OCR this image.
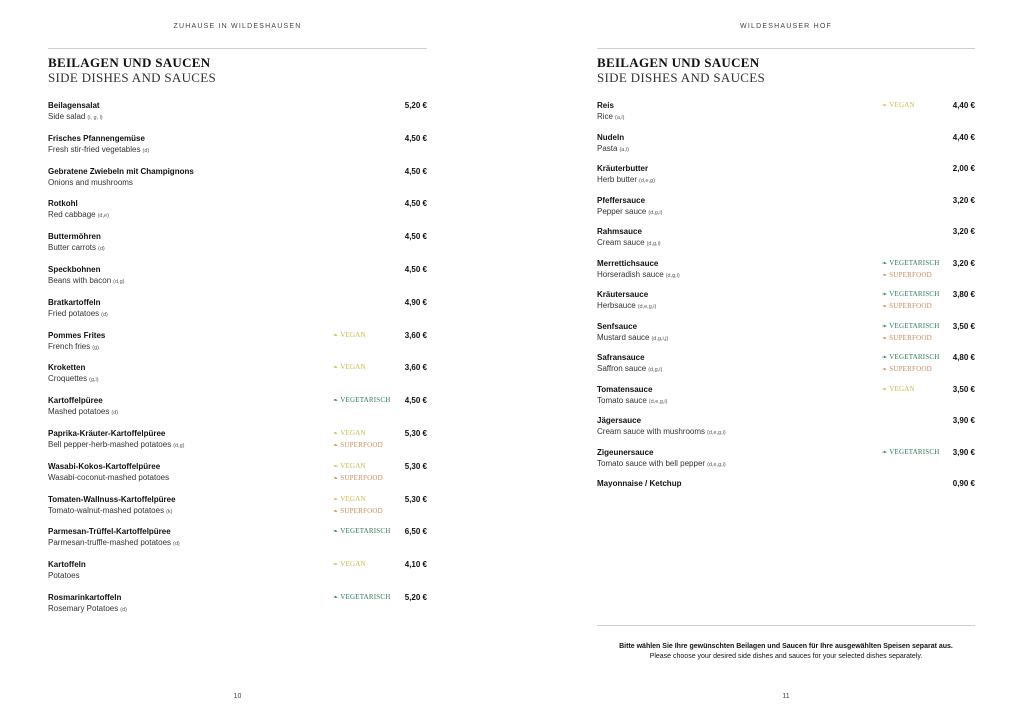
ZUHAUSE IN WILDESHAUSEN
BEILAGEN UND SAUCEN
SIDE DISHES AND SAUCES
Beilagensalat
Side salad (i, g, l)
5,20 €
Frisches Pfannengemüse
Fresh stir-fried vegetables (d)
4,50 €
Gebratene Zwiebeln mit Champignons
Onions and mushrooms
4,50 €
Rotkohl
Red cabbage (d,e)
4,50 €
Buttermöhren
Butter carrots (d)
4,50 €
Speckbohnen
Beans with bacon (d,g)
4,50 €
Bratkartoffeln
Fried potatoes (d)
4,90 €
Pommes Frites
French fries (g)
❧ VEGAN	3,60 €
Kroketten
Croquettes (g,i)
❧ VEGAN	3,60 €
Kartoffelpüree
Mashed potatoes (d)
❧ VEGETARISCH 4,50 €
Paprika-Kräuter-Kartoffelpüree
Bell pepper-herb-mashed potatoes (d,g)
❧ VEGAN
❧ SUPERFOOD
5,30 €
Wasabi-Kokos-Kartoffelpüree
Wasabi-coconut-mashed potatoes
❧ VEGAN
❧ SUPERFOOD
5,30 €
Tomaten-Wallnuss-Kartoffelpüree
Tomato-walnut-mashed potatoes (k)
❧ VEGAN
❧ SUPERFOOD
5,30 €
Parmesan-Trüffel-Kartoffelpüree
Parmesan-truffle-mashed potatoes (d)
❧ VEGETARISCH 6,50 €
Kartoffeln
Potatoes
❧ VEGAN	4,10 €
Rosmarinkartoffeln
Rosemary Potatoes (d)
❧ VEGETARISCH 5,20 €
10
WILDESHAUSER HOF
BEILAGEN UND SAUCEN
SIDE DISHES AND SAUCES
Reis
Rice (a,i)
❧ VEGAN	4,40 €
Nudeln
Pasta (a,i)
4,40 €
Kräuterbutter
Herb butter (d,e,g)
2,00 €
Pfeffersauce
Pepper sauce (d,g,i)
3,20 €
Rahmsauce
Cream sauce (d,g,i)
3,20 €
Merrettichsauce
Horseradish sauce (d,g,i)
❧ VEGETARISCH
❧ SUPERFOOD
3,20 €
Kräutersauce
Herbsauce (d,e,g,i)
❧ VEGETARISCH
❧ SUPERFOOD
3,80 €
Senfsauce
Mustard sauce (d,g,i,j)
❧ VEGETARISCH
❧ SUPERFOOD
3,50 €
Safransauce
Saffron sauce (d,g,i)
❧ VEGETARISCH
❧ SUPERFOOD
4,80 €
Tomatensauce
Tomato sauce (d,e,g,i)
❧ VEGAN	3,50 €
Jägersauce
Cream sauce with mushrooms (d,e,g,i)
3,90 €
Zigeunersauce
Tomato sauce with bell pepper (d,e,g,i)
❧ VEGETARISCH 3,90 €
Mayonnaise / Ketchup	0,90 €
Bitte wählen Sie Ihre gewünschten Beilagen und Saucen für Ihre ausgewählten Speisen separat aus.
Please choose your desired side dishes and sauces for your selected dishes separately.
11
